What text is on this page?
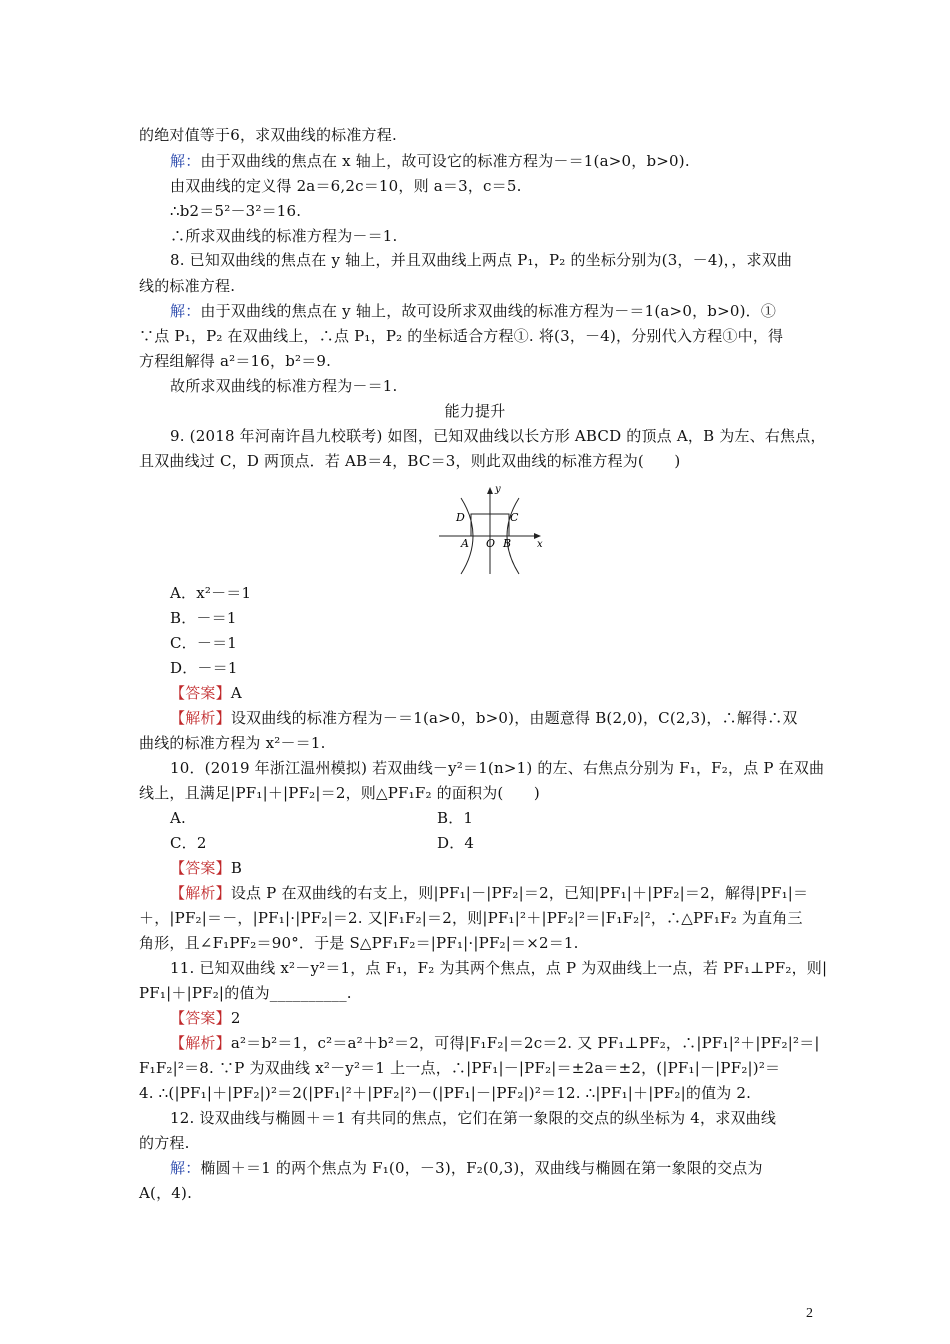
的绝对值等于6，求双曲线的标准方程.
解：由于双曲线的焦点在 x 轴上，故可设它的标准方程为－＝1(a>0，b>0).
由双曲线的定义得 2a＝6,2c＝10，则 a＝3，c＝5.
∴b2＝5²－3²＝16.
∴所求双曲线的标准方程为－＝1.
8. 已知双曲线的焦点在 y 轴上，并且双曲线上两点 P₁，P₂ 的坐标分别为(3，－4)，，求双曲
线的标准方程.
解：由于双曲线的焦点在 y 轴上，故可设所求双曲线的标准方程为－＝1(a>0，b>0)．①
∵点 P₁，P₂ 在双曲线上，∴点 P₁，P₂ 的坐标适合方程①. 将(3，－4)，分别代入方程①中，得
方程组解得 a²＝16，b²＝9.
故所求双曲线的标准方程为－＝1.
能力提升
9. (2018 年河南许昌九校联考) 如图，已知双曲线以长方形 ABCD 的顶点 A，B 为左、右焦点，
且双曲线过 C，D 两顶点．若 AB＝4，BC＝3，则此双曲线的标准方程为(　　)
y
x
D	C
A O B
A．x²－＝1
B．－＝1
C．－＝1
D．－＝1
【答案】A
【解析】设双曲线的标准方程为－＝1(a>0，b>0)，由题意得 B(2,0)，C(2,3)，∴解得∴双
曲线的标准方程为 x²－＝1.
10．(2019 年浙江温州模拟) 若双曲线－y²＝1(n>1) 的左、右焦点分别为 F₁，F₂，点 P 在双曲
线上，且满足|PF₁|＋|PF₂|＝2，则△PF₁F₂ 的面积为(　　)
A.	B．1
C．2	D．4
【答案】B
【解析】设点 P 在双曲线的右支上，则|PF₁|－|PF₂|＝2，已知|PF₁|＋|PF₂|＝2，解得|PF₁|＝
＋，|PF₂|＝－，|PF₁|·|PF₂|＝2. 又|F₁F₂|＝2，则|PF₁|²＋|PF₂|²＝|F₁F₂|²，∴△PF₁F₂ 为直角三
角形，且∠F₁PF₂＝90°．于是 S△PF₁F₂＝|PF₁|·|PF₂|＝×2＝1.
11. 已知双曲线 x²－y²＝1，点 F₁，F₂ 为其两个焦点，点 P 为双曲线上一点，若 PF₁⊥PF₂，则|
PF₁|＋|PF₂|的值为__________.
【答案】2
【解析】a²＝b²＝1，c²＝a²＋b²＝2，可得|F₁F₂|＝2c＝2. 又 PF₁⊥PF₂，∴|PF₁|²＋|PF₂|²＝|
F₁F₂|²＝8. ∵P 为双曲线 x²－y²＝1 上一点，∴|PF₁|－|PF₂|＝±2a＝±2，(|PF₁|－|PF₂|)²＝
4. ∴(|PF₁|＋|PF₂|)²＝2(|PF₁|²＋|PF₂|²)－(|PF₁|－|PF₂|)²＝12. ∴|PF₁|＋|PF₂|的值为 2.
12. 设双曲线与椭圆＋＝1 有共同的焦点，它们在第一象限的交点的纵坐标为 4，求双曲线
的方程.
解：椭圆＋＝1 的两个焦点为 F₁(0，－3)，F₂(0,3)，双曲线与椭圆在第一象限的交点为
A(，4).
2
